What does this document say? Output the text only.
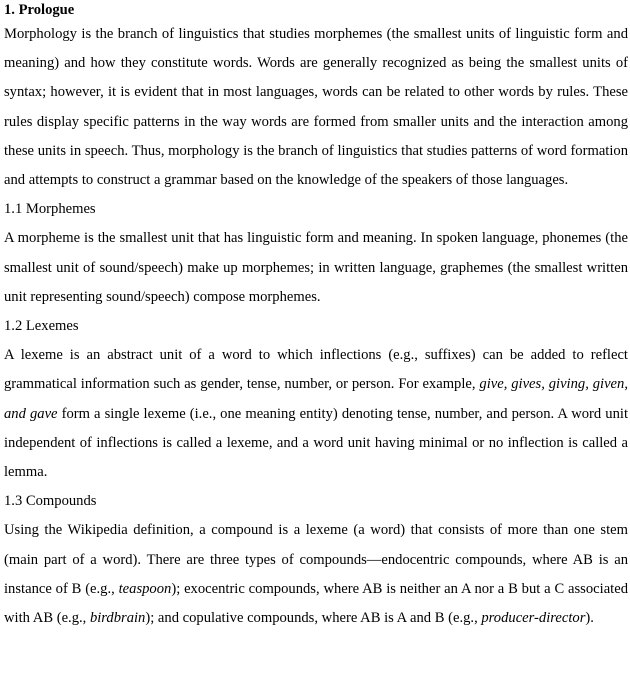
1. Prologue

Morphology is the branch of linguistics that studies morphemes (the smallest units of linguistic form and meaning) and how they constitute words. Words are generally recognized as being the smallest units of syntax; however, it is evident that in most languages, words can be related to other words by rules. These rules display specific patterns in the way words are formed from smaller units and the interaction among these units in speech. Thus, morphology is the branch of linguistics that studies patterns of word formation and attempts to construct a grammar based on the knowledge of the speakers of those languages.

1.1 Morphemes

A morpheme is the smallest unit that has linguistic form and meaning. In spoken language, phonemes (the smallest unit of sound/speech) make up morphemes; in written language, graphemes (the smallest written unit representing sound/speech) compose morphemes.

1.2 Lexemes

A lexeme is an abstract unit of a word to which inflections (e.g., suffixes) can be added to reflect grammatical information such as gender, tense, number, or person. For example, give, gives, giving, given, and gave form a single lexeme (i.e., one meaning entity) denoting tense, number, and person. A word unit independent of inflections is called a lexeme, and a word unit having minimal or no inflection is called a lemma.

1.3 Compounds

Using the Wikipedia definition, a compound is a lexeme (a word) that consists of more than one stem (main part of a word). There are three types of compounds—endocentric compounds, where AB is an instance of B (e.g., teaspoon); exocentric compounds, where AB is neither an A nor a B but a C associated with AB (e.g., birdbrain); and copulative compounds, where AB is A and B (e.g., producer-director).
